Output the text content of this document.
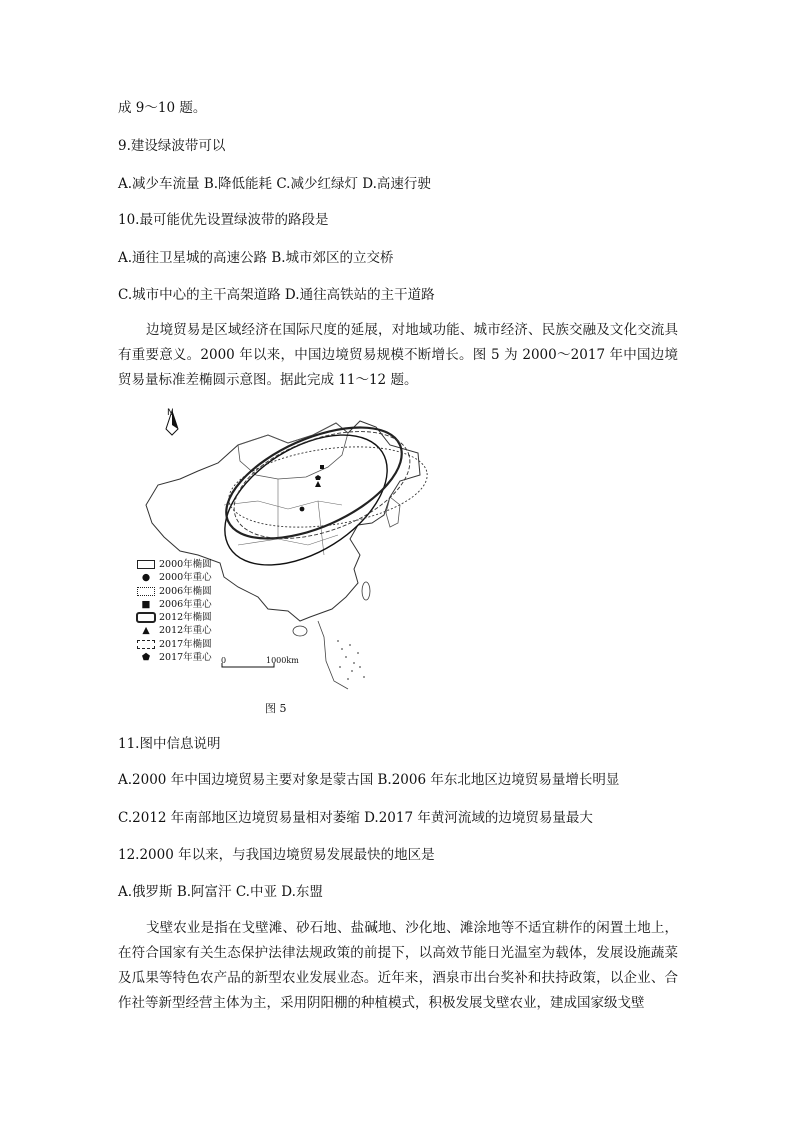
成 9～10 题。
9.建设绿波带可以
A.减少车流量 B.降低能耗 C.减少红绿灯 D.高速行驶
10.最可能优先设置绿波带的路段是
A.通往卫星城的高速公路 B.城市郊区的立交桥
C.城市中心的主干高架道路 D.通往高铁站的主干道路
边境贸易是区域经济在国际尺度的延展，对地域功能、城市经济、民族交融及文化交流具有重要意义。2000 年以来，中国边境贸易规模不断增长。图 5 为 2000～2017 年中国边境贸易量标准差椭圆示意图。据此完成 11～12 题。
2000年椭圆
● 2000年重心
2006年椭圆
■ 2006年重心
2012年椭圆
▲ 2012年重心
2017年椭圆
⬟ 2017年重心
N
0	1000km
图 5
11.图中信息说明
A.2000 年中国边境贸易主要对象是蒙古国 B.2006 年东北地区边境贸易量增长明显
C.2012 年南部地区边境贸易量相对萎缩 D.2017 年黄河流域的边境贸易量最大
12.2000 年以来，与我国边境贸易发展最快的地区是
A.俄罗斯 B.阿富汗 C.中亚 D.东盟
戈壁农业是指在戈壁滩、砂石地、盐碱地、沙化地、滩涂地等不适宜耕作的闲置土地上，在符合国家有关生态保护法律法规政策的前提下，以高效节能日光温室为载体，发展设施蔬菜及瓜果等特色农产品的新型农业发展业态。近年来，酒泉市出台奖补和扶持政策，以企业、合作社等新型经营主体为主，采用阴阳棚的种植模式，积极发展戈壁农业，建成国家级戈壁
